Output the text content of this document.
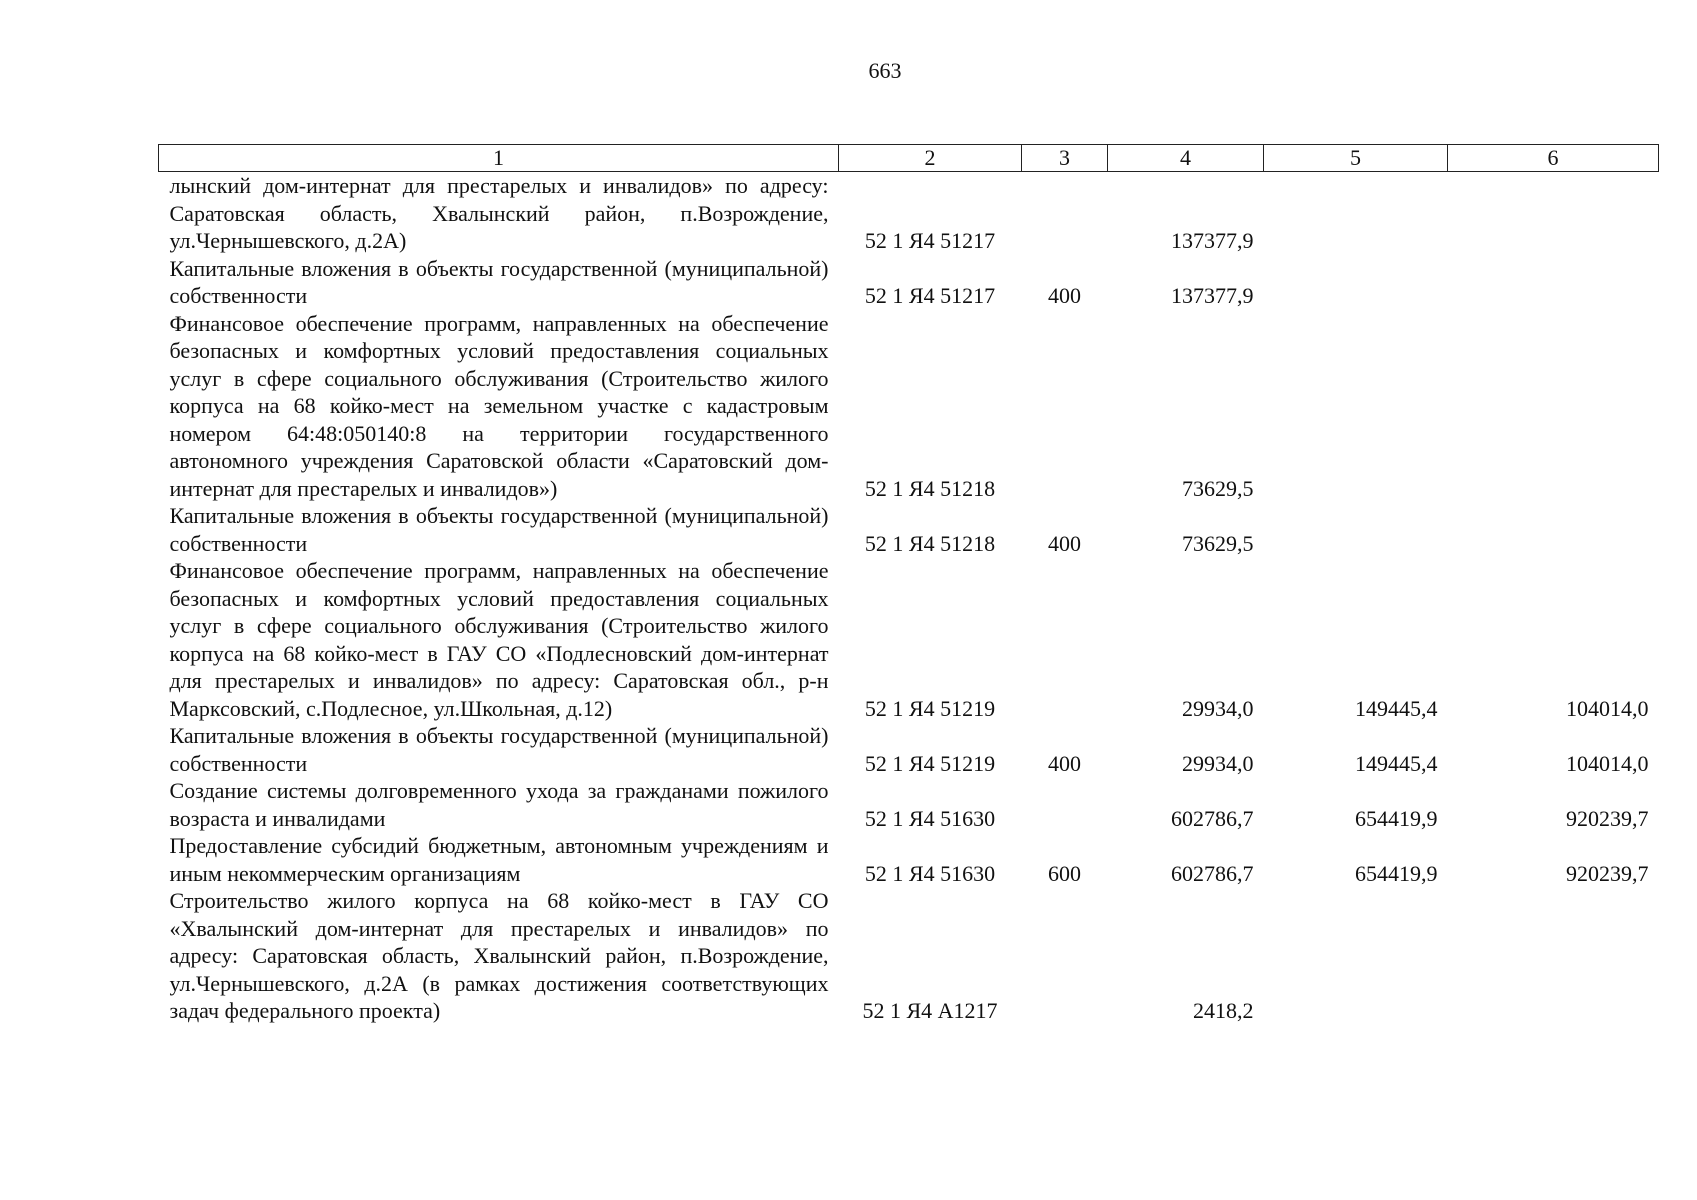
663
1	2	3	4	5	6
лынский дом-интернат для престарелых и инвалидов» по адресу: Саратовская область, Хвалынский район, п.Возрождение, ул.Чернышевского, д.2А)	52 1 Я4 51217		137377,9		
Капитальные вложения в объекты государственной (муниципальной) собственности	52 1 Я4 51217	400	137377,9		
Финансовое обеспечение программ, направленных на обеспечение безопасных и комфортных условий предоставления социальных услуг в сфере социального обслуживания (Строительство жилого корпуса на 68 койко-мест на земельном участке с кадастровым номером 64:48:050140:8 на территории государственного автономного учреждения Саратовской области «Саратовский дом-интернат для престарелых и инвалидов»)	52 1 Я4 51218		73629,5		
Капитальные вложения в объекты государственной (муниципальной) собственности	52 1 Я4 51218	400	73629,5		
Финансовое обеспечение программ, направленных на обеспечение безопасных и комфортных условий предоставления социальных услуг в сфере социального обслуживания (Строительство жилого корпуса на 68 койко-мест в ГАУ СО «Подлесновский дом-интернат для престарелых и инвалидов» по адресу: Саратовская обл., р-н Марксовский, с.Подлесное, ул.Школьная, д.12)	52 1 Я4 51219		29934,0	149445,4	104014,0
Капитальные вложения в объекты государственной (муниципальной) собственности	52 1 Я4 51219	400	29934,0	149445,4	104014,0
Создание системы долговременного ухода за гражданами пожилого возраста и инвалидами	52 1 Я4 51630		602786,7	654419,9	920239,7
Предоставление субсидий бюджетным, автономным учреждениям и иным некоммерческим организациям	52 1 Я4 51630	600	602786,7	654419,9	920239,7
Строительство жилого корпуса на 68 койко-мест в ГАУ СО «Хвалынский дом-интернат для престарелых и инвалидов» по адресу: Саратовская область, Хвалынский район, п.Возрождение, ул.Чернышевского, д.2А (в рамках достижения соответствующих задач федерального проекта)	52 1 Я4 А1217		2418,2		
